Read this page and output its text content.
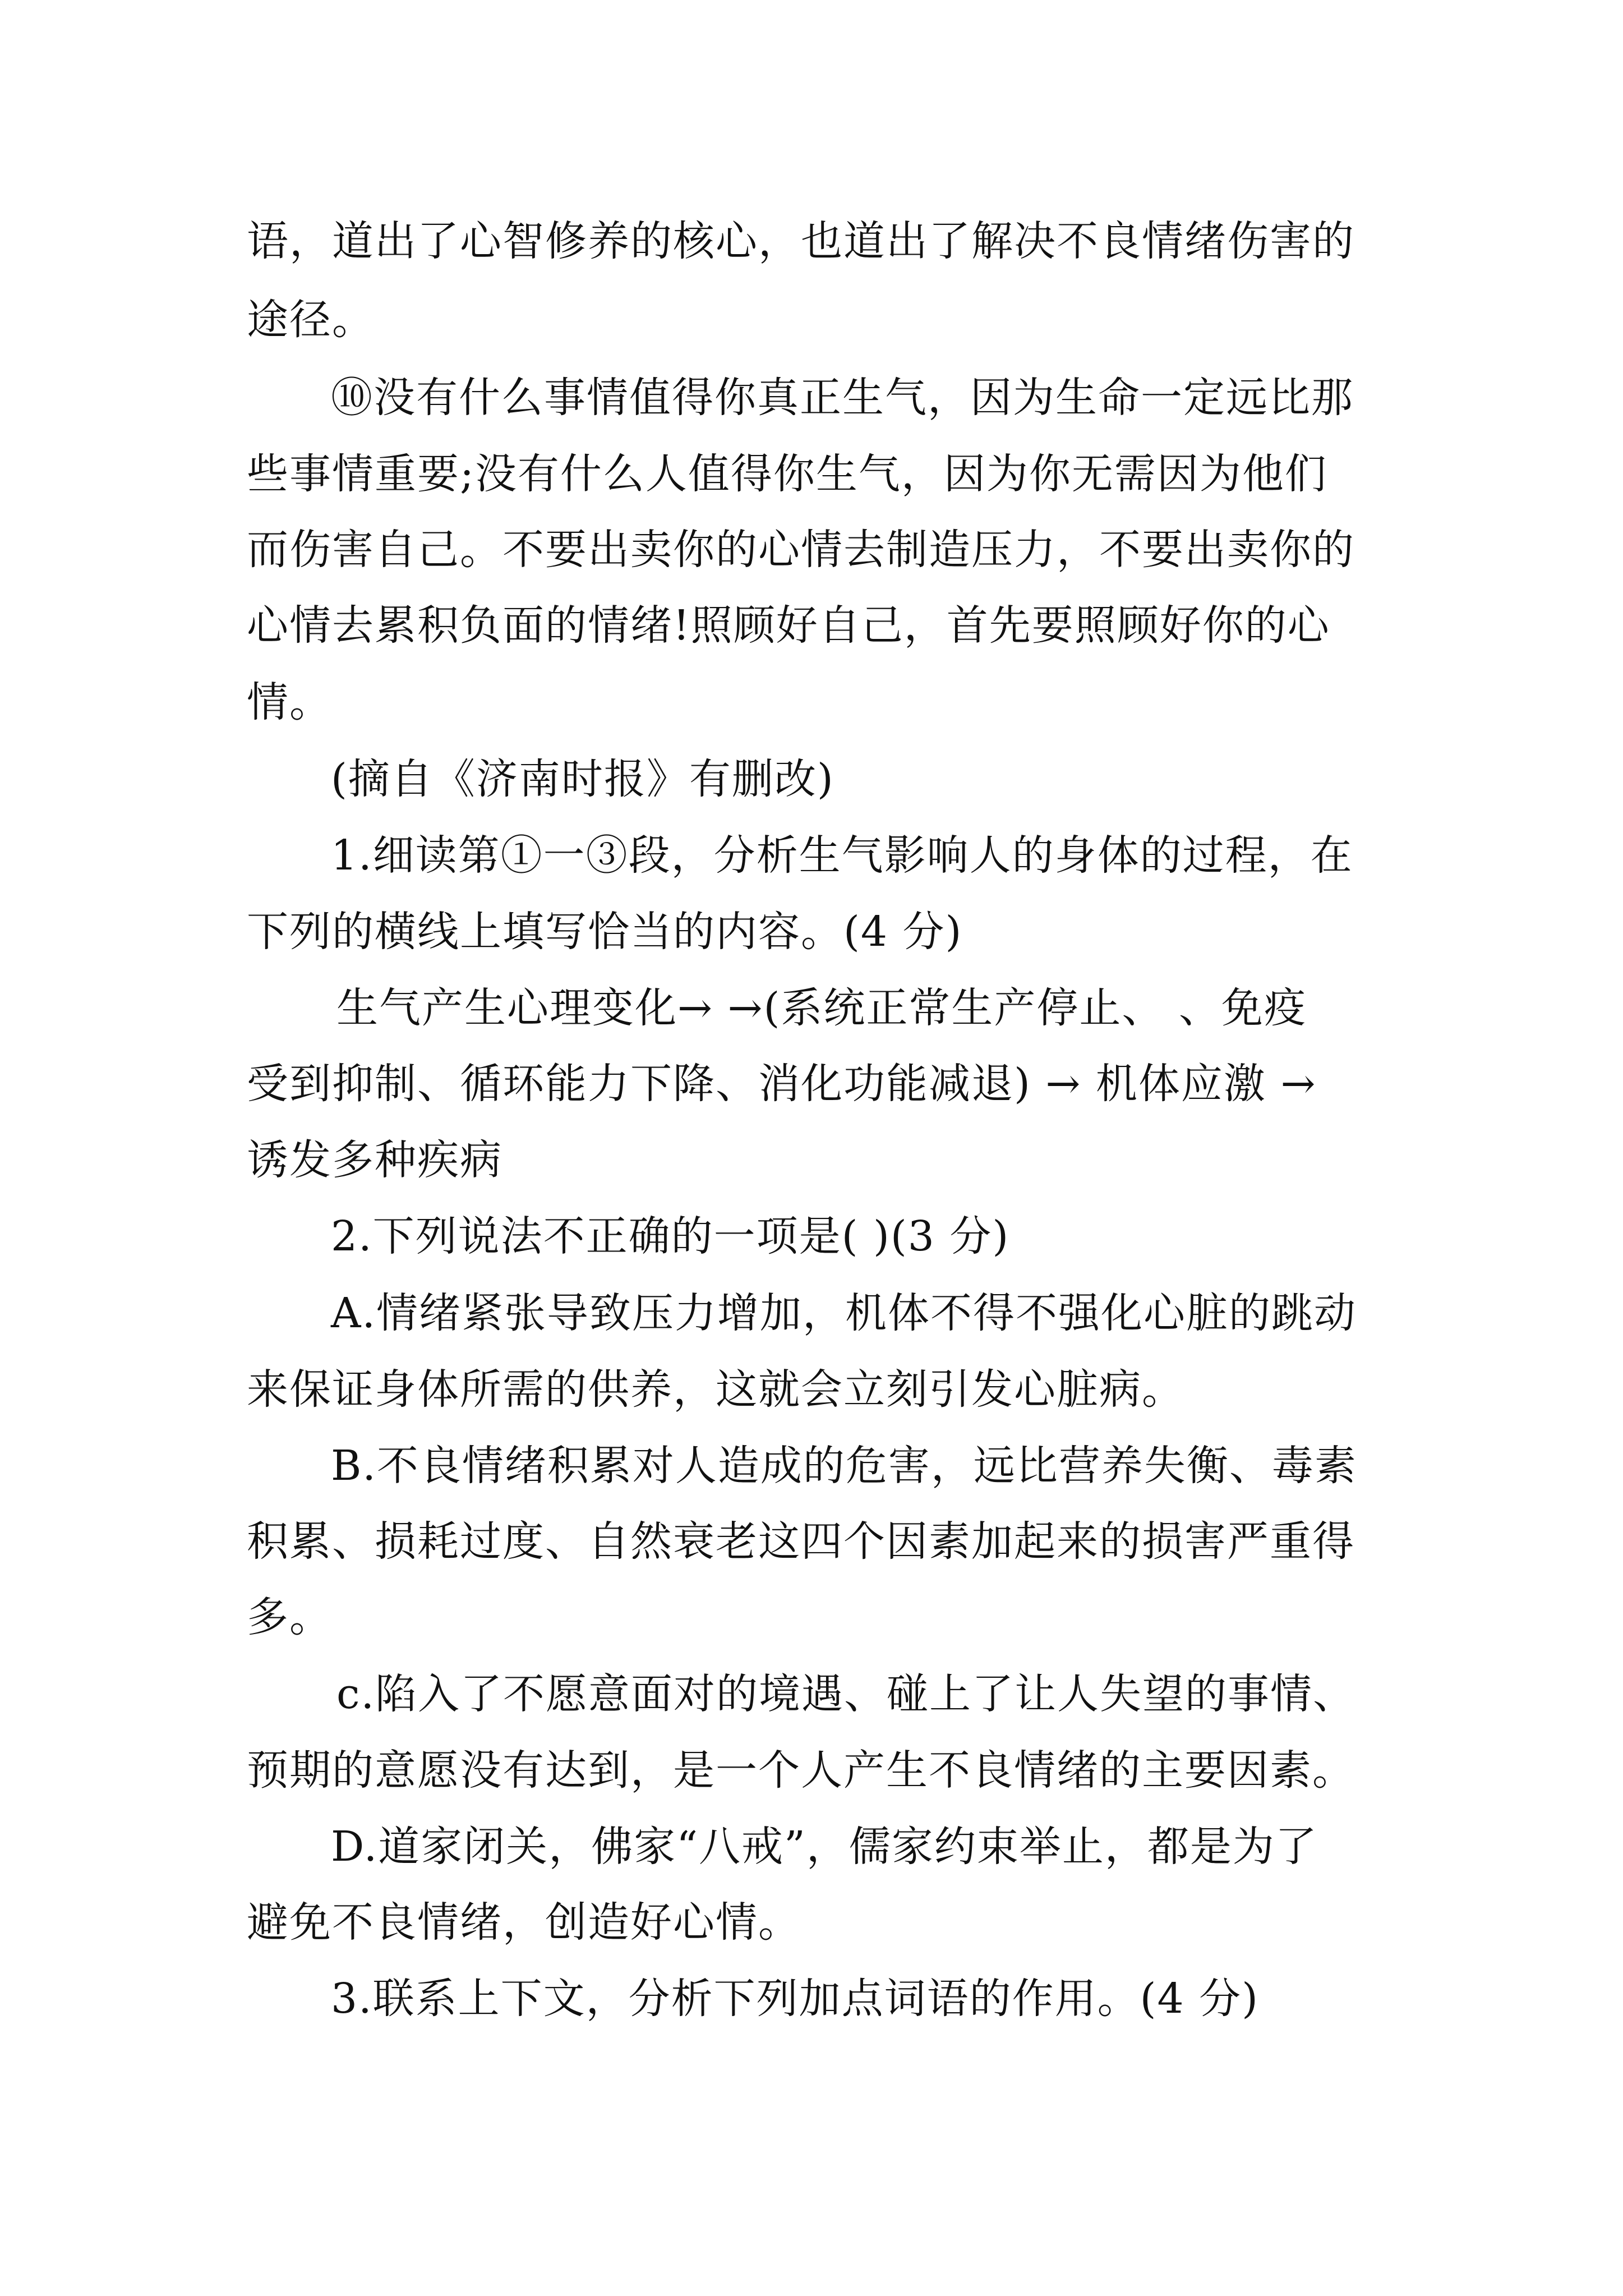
语，道出了心智修养的核心，也道出了解决不良情绪伤害的
途径。
⑩没有什么事情值得你真正生气，因为生命一定远比那
些事情重要;没有什么人值得你生气，因为你无需因为他们
而伤害自己。不要出卖你的心情去制造压力，不要出卖你的
心情去累积负面的情绪!照顾好自己，首先要照顾好你的心
情。
(摘自《济南时报》有删改)
1.细读第①一③段，分析生气影响人的身体的过程，在
下列的横线上填写恰当的内容。(4 分)
生气产生心理变化→ →(系统正常生产停止、 、免疫
受到抑制、循环能力下降、消化功能减退) → 机体应激 →
诱发多种疾病
2.下列说法不正确的一项是( )(3 分)
A.情绪紧张导致压力增加，机体不得不强化心脏的跳动
来保证身体所需的供养，这就会立刻引发心脏病。
B.不良情绪积累对人造成的危害，远比营养失衡、毒素
积累、损耗过度、自然衰老这四个因素加起来的损害严重得
多。
c.陷入了不愿意面对的境遇、碰上了让人失望的事情、
预期的意愿没有达到，是一个人产生不良情绪的主要因素。
D.道家闭关，佛家“八戒”，儒家约束举止，都是为了
避免不良情绪，创造好心情。
3.联系上下文，分析下列加点词语的作用。(4 分)
